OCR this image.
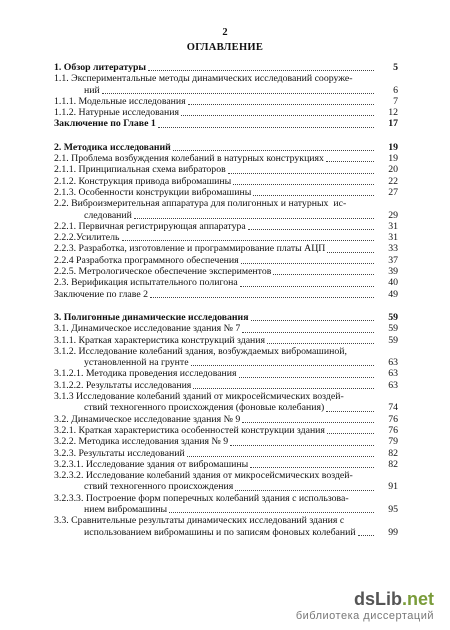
2
ОГЛАВЛЕНИЕ
1. Обзор литературы	5
1.1. Экспериментальные методы динамических исследований сооруже-
ний	6
1.1.1. Модельные исследования	7
1.1.2. Натурные исследования	12
Заключение по Главе 1	17
2. Методика исследований	19
2.1. Проблема возбуждения колебаний в натурных конструкциях	19
2.1.1. Принципиальная схема вибраторов	20
2.1.2. Конструкция привода вибромашины	22
2.1.3. Особенности конструкции вибромашины	27
2.2. Виброизмерительная аппаратура для полигонных и натурных  ис-
следований	29
2.2.1. Первичная регистрирующая аппаратура	31
2.2.2.Усилитель	31
2.2.3. Разработка, изготовление и программирование платы АЦП	33
2.2.4 Разработка программного обеспечения	37
2.2.5. Метрологическое обеспечение экспериментов	39
2.3. Верификация испытательного полигона	40
Заключение по главе 2	49
3. Полигонные динамические исследования	59
3.1. Динамическое исследование здания № 7	59
3.1.1. Краткая характеристика конструкций здания	59
3.1.2. Исследование колебаний здания, возбуждаемых вибромашиной,
установленной на грунте	63
3.1.2.1. Методика проведения исследования	63
3.1.2.2. Результаты исследования	63
3.1.3 Исследование колебаний зданий от микросейсмических воздей-
ствий техногенного происхождения (фоновые колебания)	74
3.2. Динамическое исследование здания № 9	76
3.2.1. Краткая характеристика особенностей конструкции здания	76
3.2.2. Методика исследования здания № 9	79
3.2.3. Результаты исследований	82
3.2.3.1. Исследование здания от вибромашины	82
3.2.3.2. Исследование колебаний здания от микросейсмических воздей-
ствий техногенного происхождения	91
3.2.3.3. Построение форм поперечных колебаний здания с использова-
нием вибромашины	95
3.3. Сравнительные результаты динамических исследований здания с
использованием вибромашины и по записям фоновых колебаний	99
dsLib.net
библиотека диссертаций
